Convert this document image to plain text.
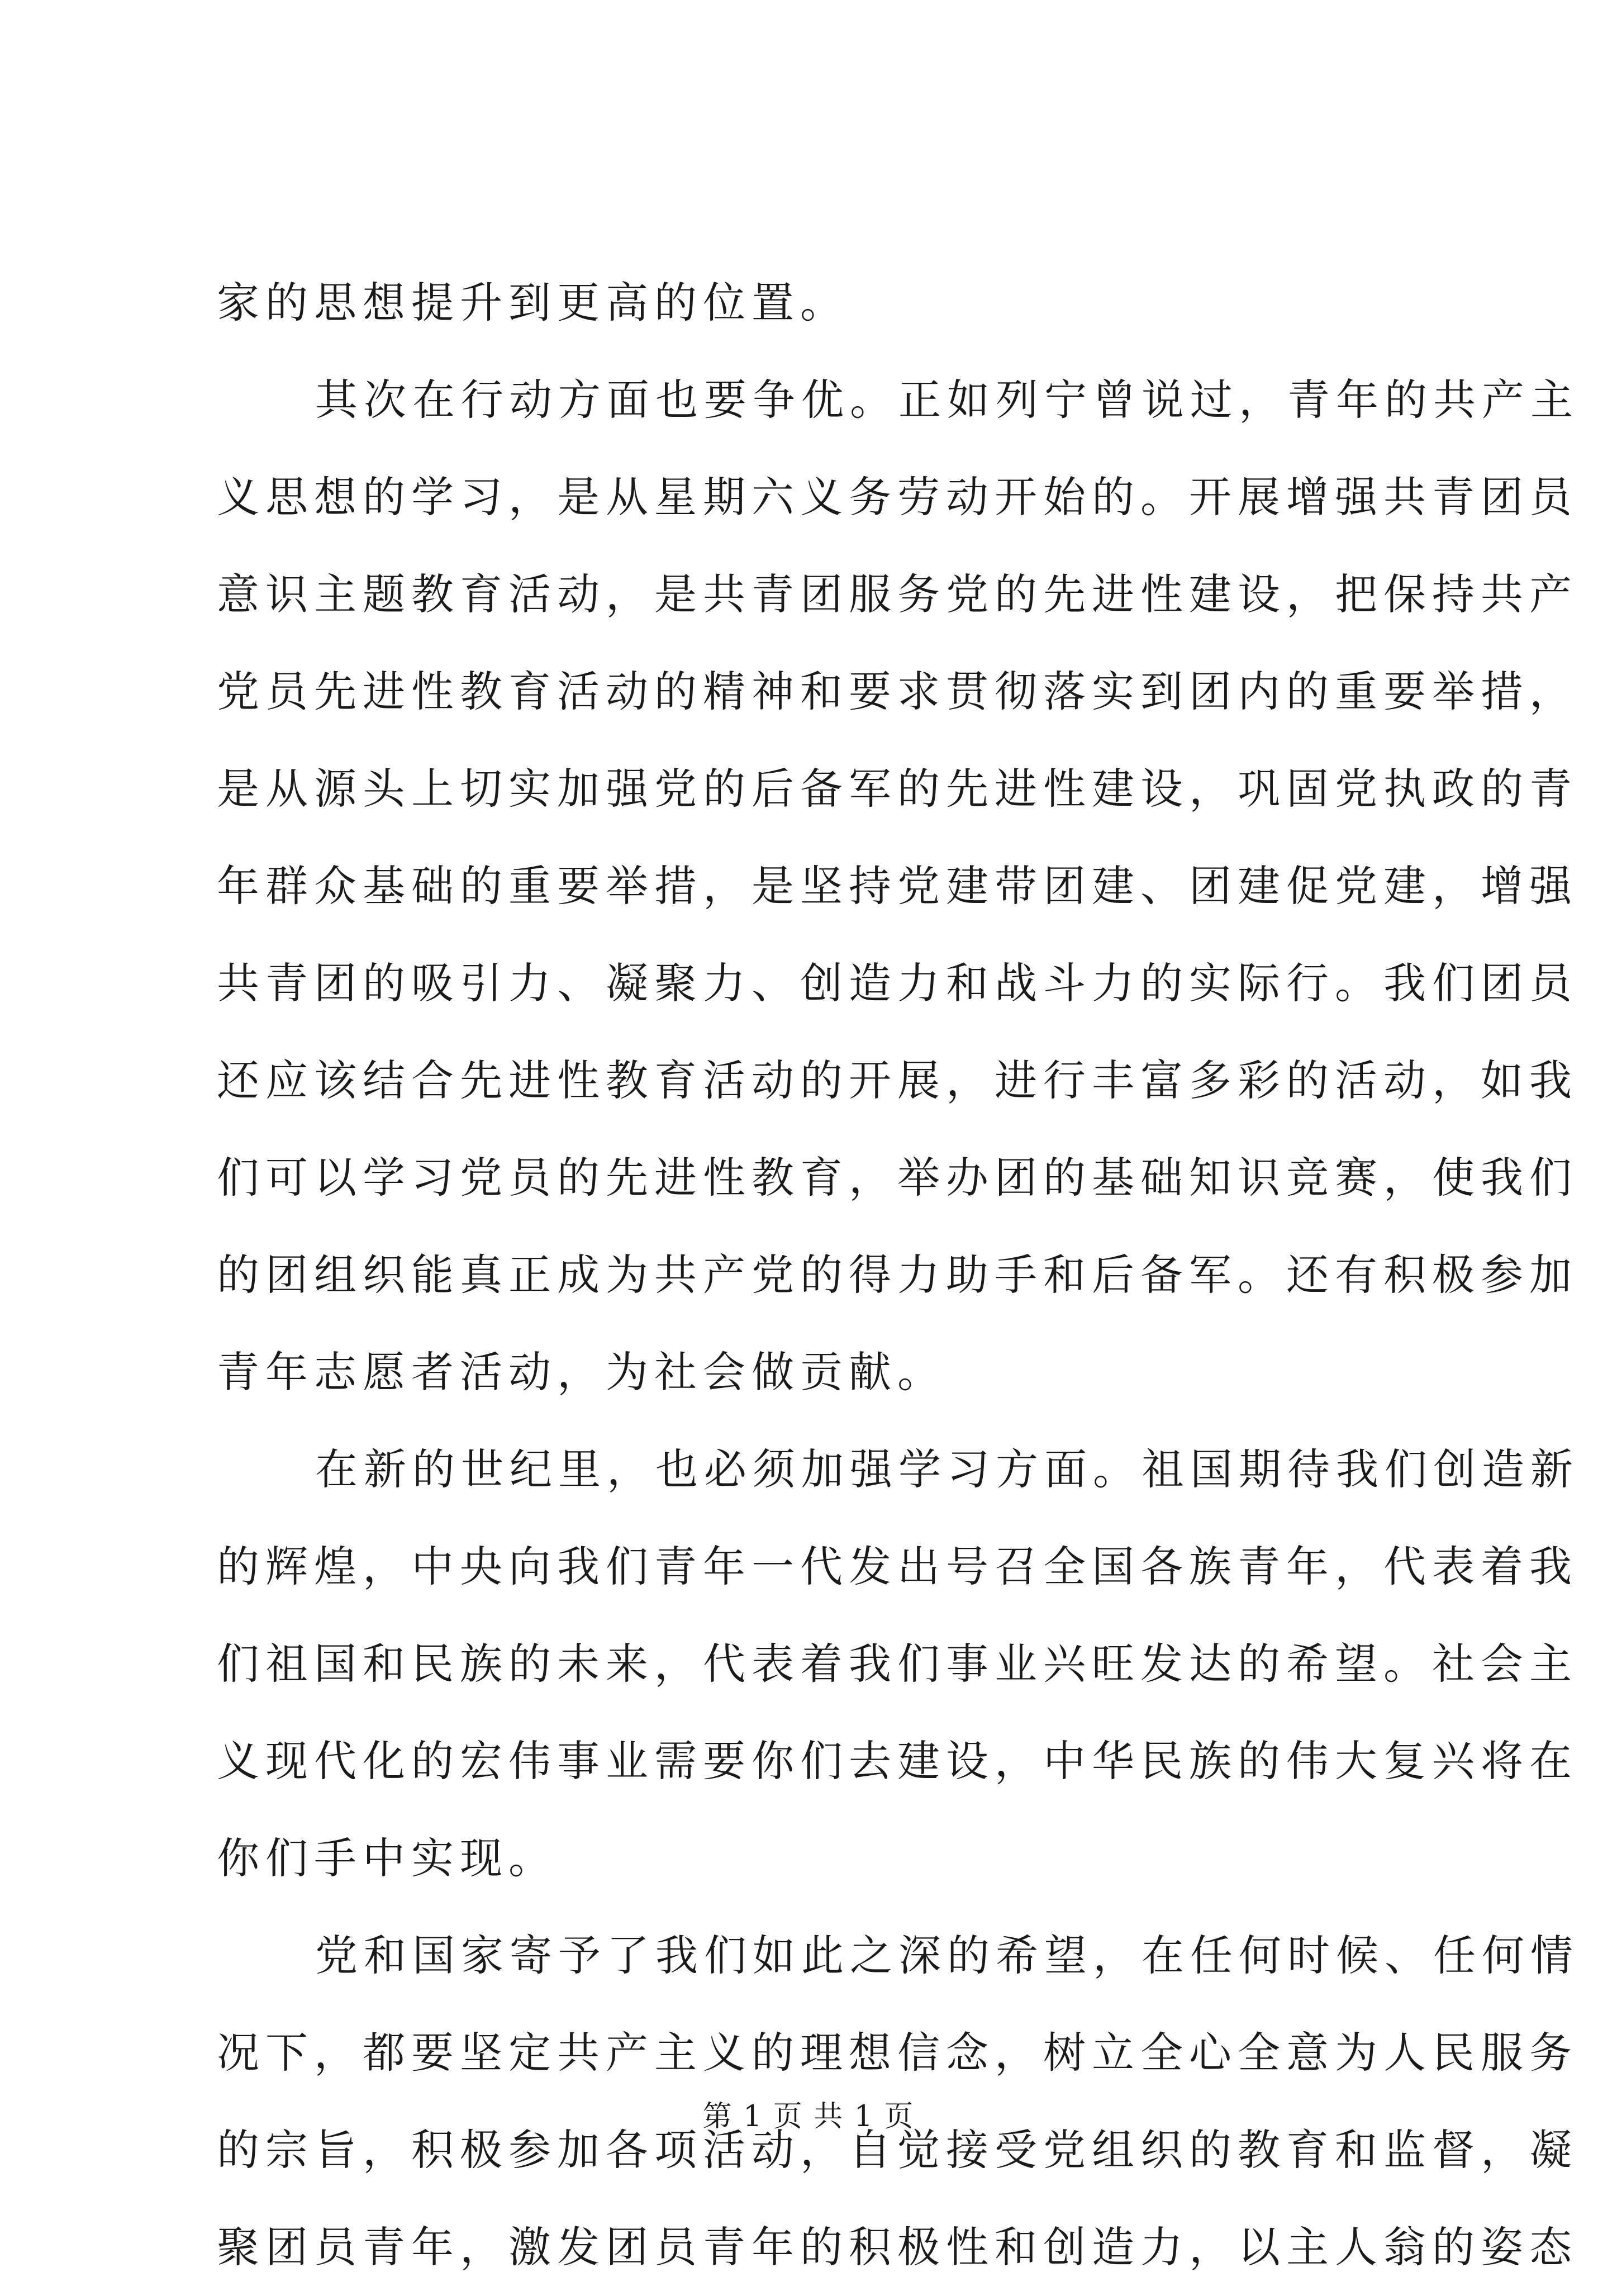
家的思想提升到更高的位置。
其次在行动方面也要争优。正如列宁曾说过，青年的共产主
义思想的学习，是从星期六义务劳动开始的。开展增强共青团员
意识主题教育活动，是共青团服务党的先进性建设，把保持共产
党员先进性教育活动的精神和要求贯彻落实到团内的重要举措，
是从源头上切实加强党的后备军的先进性建设，巩固党执政的青
年群众基础的重要举措，是坚持党建带团建、团建促党建，增强
共青团的吸引力、凝聚力、创造力和战斗力的实际行。我们团员
还应该结合先进性教育活动的开展，进行丰富多彩的活动，如我
们可以学习党员的先进性教育，举办团的基础知识竞赛，使我们
的团组织能真正成为共产党的得力助手和后备军。还有积极参加
青年志愿者活动，为社会做贡献。
在新的世纪里，也必须加强学习方面。祖国期待我们创造新
的辉煌，中央向我们青年一代发出号召全国各族青年，代表着我
们祖国和民族的未来，代表着我们事业兴旺发达的希望。社会主
义现代化的宏伟事业需要你们去建设，中华民族的伟大复兴将在
你们手中实现。
党和国家寄予了我们如此之深的希望，在任何时候、任何情
况下，都要坚定共产主义的理想信念，树立全心全意为人民服务
的宗旨，积极参加各项活动，自觉接受党组织的教育和监督，凝
聚团员青年，激发团员青年的积极性和创造力，以主人翁的姿态
第 1 页 共 1 页
